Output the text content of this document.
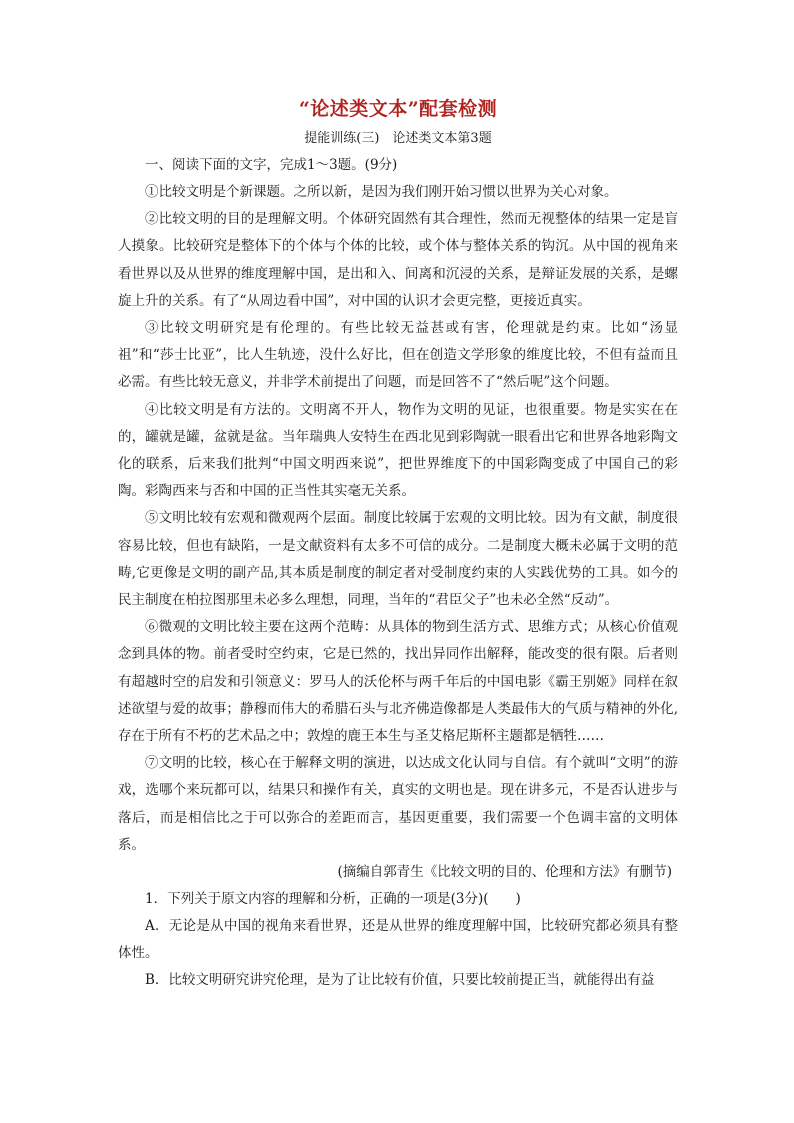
“论述类文本”配套检测
提能训练(三)　论述类文本第3题
一、阅读下面的文字，完成1～3题。(9分)

①比较文明是个新课题。之所以新，是因为我们刚开始习惯以世界为关心对象。

②比较文明的目的是理解文明。个体研究固然有其合理性，然而无视整体的结果一定是盲人摸象。比较研究是整体下的个体与个体的比较，或个体与整体关系的钩沉。从中国的视角来看世界以及从世界的维度理解中国，是出和入、间离和沉浸的关系，是辩证发展的关系，是螺旋上升的关系。有了“从周边看中国”，对中国的认识才会更完整，更接近真实。

③比较文明研究是有伦理的。有些比较无益甚或有害，伦理就是约束。比如“汤显祖”和“莎士比亚”，比人生轨迹，没什么好比，但在创造文学形象的维度比较，不但有益而且必需。有些比较无意义，并非学术前提出了问题，而是回答不了“然后呢”这个问题。

④比较文明是有方法的。文明离不开人，物作为文明的见证，也很重要。物是实实在在的，罐就是罐，盆就是盆。当年瑞典人安特生在西北见到彩陶就一眼看出它和世界各地彩陶文化的联系，后来我们批判“中国文明西来说”，把世界维度下的中国彩陶变成了中国自己的彩陶。彩陶西来与否和中国的正当性其实毫无关系。

⑤文明比较有宏观和微观两个层面。制度比较属于宏观的文明比较。因为有文献，制度很容易比较，但也有缺陷，一是文献资料有太多不可信的成分。二是制度大概未必属于文明的范畴,它更像是文明的副产品,其本质是制度的制定者对受制度约束的人实践优势的工具。如今的民主制度在柏拉图那里未必多么理想，同理，当年的“君臣父子”也未必全然“反动”。

⑥微观的文明比较主要在这两个范畴：从具体的物到生活方式、思维方式；从核心价值观念到具体的物。前者受时空约束，它是已然的，找出异同作出解释，能改变的很有限。后者则有超越时空的启发和引领意义：罗马人的沃伦杯与两千年后的中国电影《霸王别姬》同样在叙述欲望与爱的故事；静穆而伟大的希腊石头与北齐佛造像都是人类最伟大的气质与精神的外化,存在于所有不朽的艺术品之中；敦煌的鹿王本生与圣艾格尼斯杯主题都是牺牲……

⑦文明的比较，核心在于解释文明的演进，以达成文化认同与自信。有个就叫“文明”的游戏，选哪个来玩都可以，结果只和操作有关，真实的文明也是。现在讲多元，不是否认进步与落后，而是相信比之于可以弥合的差距而言，基因更重要，我们需要一个色调丰富的文明体系。

(摘编自郭青生《比较文明的目的、伦理和方法》有删节)
1．下列关于原文内容的理解和分析，正确的一项是(3分)(　　)

A．无论是从中国的视角来看世界，还是从世界的维度理解中国，比较研究都必须具有整体性。

B．比较文明研究讲究伦理，是为了让比较有价值，只要比较前提正当，就能得出有益
